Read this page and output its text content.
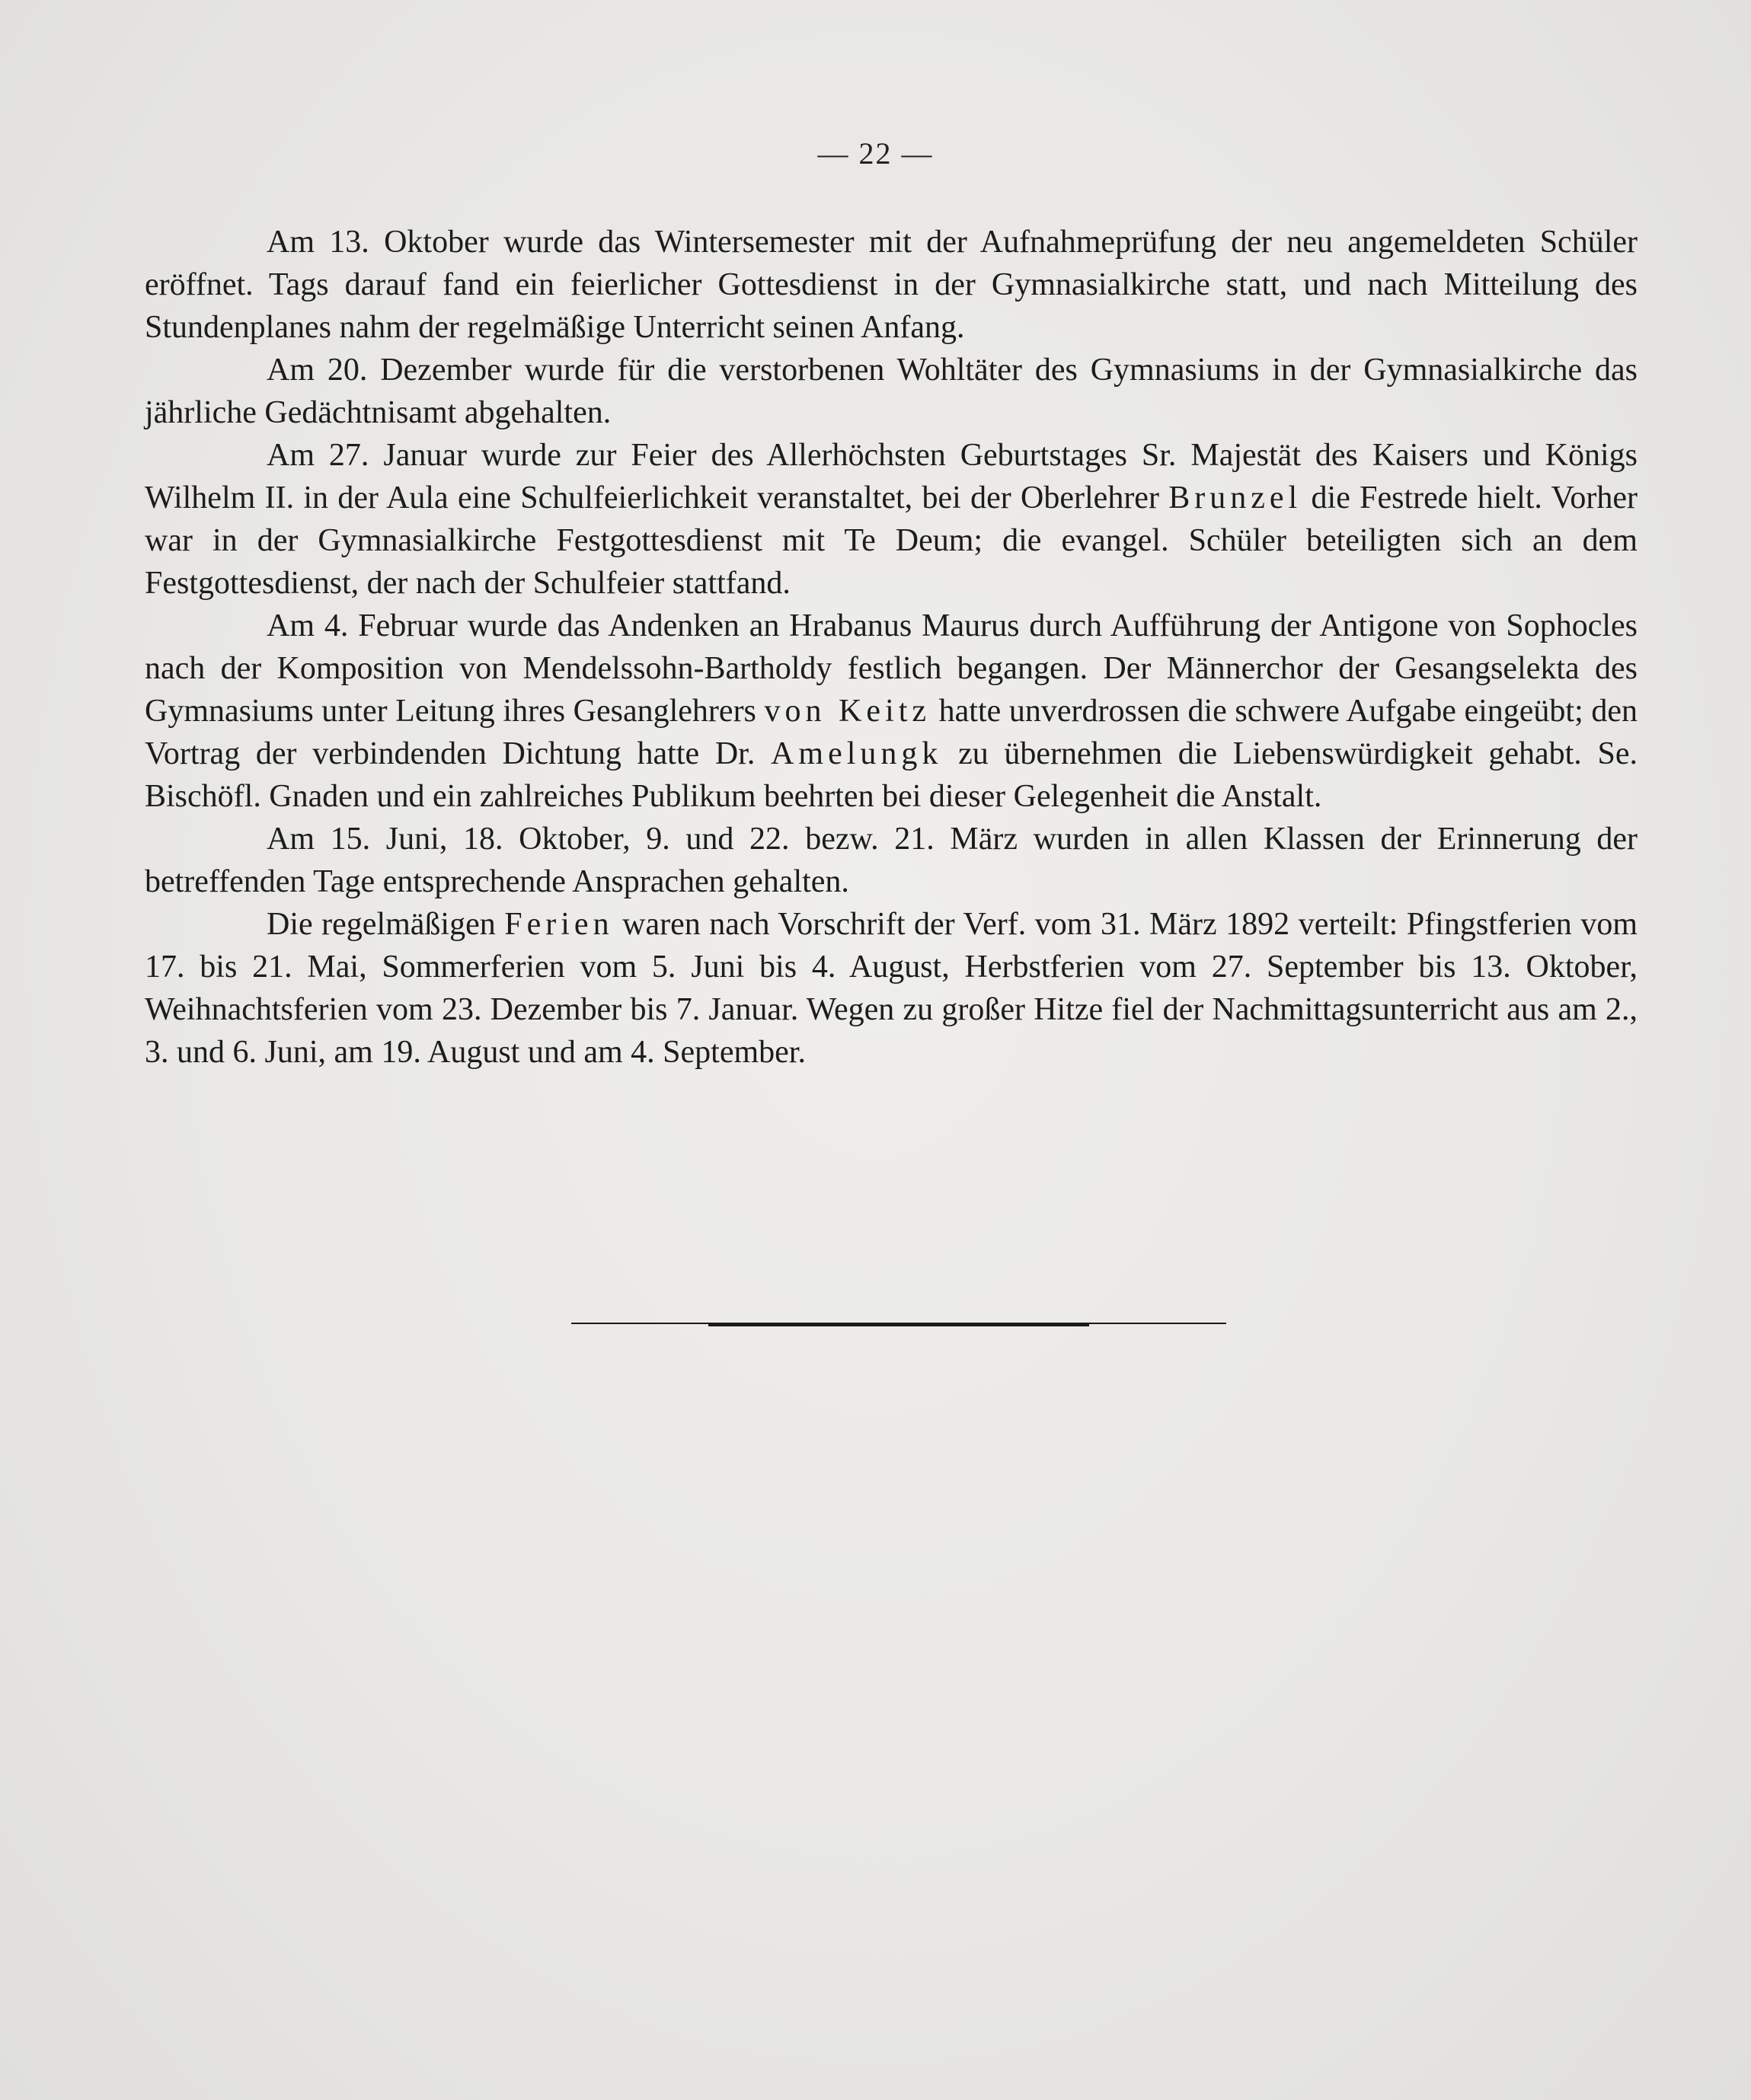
— 22 —

Am 13. Oktober wurde das Wintersemester mit der Aufnahmeprüfung der neu angemeldeten Schüler eröffnet. Tags darauf fand ein feierlicher Gottesdienst in der Gymnasialkirche statt, und nach Mitteilung des Stundenplanes nahm der regelmäßige Unterricht seinen Anfang.

Am 20. Dezember wurde für die verstorbenen Wohltäter des Gymnasiums in der Gymnasialkirche das jährliche Gedächtnisamt abgehalten.

Am 27. Januar wurde zur Feier des Allerhöchsten Geburtstages Sr. Majestät des Kaisers und Königs Wilhelm II. in der Aula eine Schulfeierlichkeit veranstaltet, bei der Oberlehrer Brunzel die Festrede hielt. Vorher war in der Gymnasialkirche Festgottesdienst mit Te Deum; die evangel. Schüler beteiligten sich an dem Festgottesdienst, der nach der Schulfeier stattfand.

Am 4. Februar wurde das Andenken an Hrabanus Maurus durch Aufführung der Antigone von Sophocles nach der Komposition von Mendelssohn-Bartholdy festlich begangen. Der Männerchor der Gesangselekta des Gymnasiums unter Leitung ihres Gesanglehrers von Keitz hatte unverdrossen die schwere Aufgabe eingeübt; den Vortrag der verbindenden Dichtung hatte Dr. Amelungk zu übernehmen die Liebenswürdigkeit gehabt. Se. Bischöfl. Gnaden und ein zahlreiches Publikum beehrten bei dieser Gelegenheit die Anstalt.

Am 15. Juni, 18. Oktober, 9. und 22. bezw. 21. März wurden in allen Klassen der Erinnerung der betreffenden Tage entsprechende Ansprachen gehalten.

Die regelmäßigen Ferien waren nach Vorschrift der Verf. vom 31. März 1892 verteilt: Pfingstferien vom 17. bis 21. Mai, Sommerferien vom 5. Juni bis 4. August, Herbstferien vom 27. September bis 13. Oktober, Weihnachtsferien vom 23. Dezember bis 7. Januar. Wegen zu großer Hitze fiel der Nachmittagsunterricht aus am 2., 3. und 6. Juni, am 19. August und am 4. September.
